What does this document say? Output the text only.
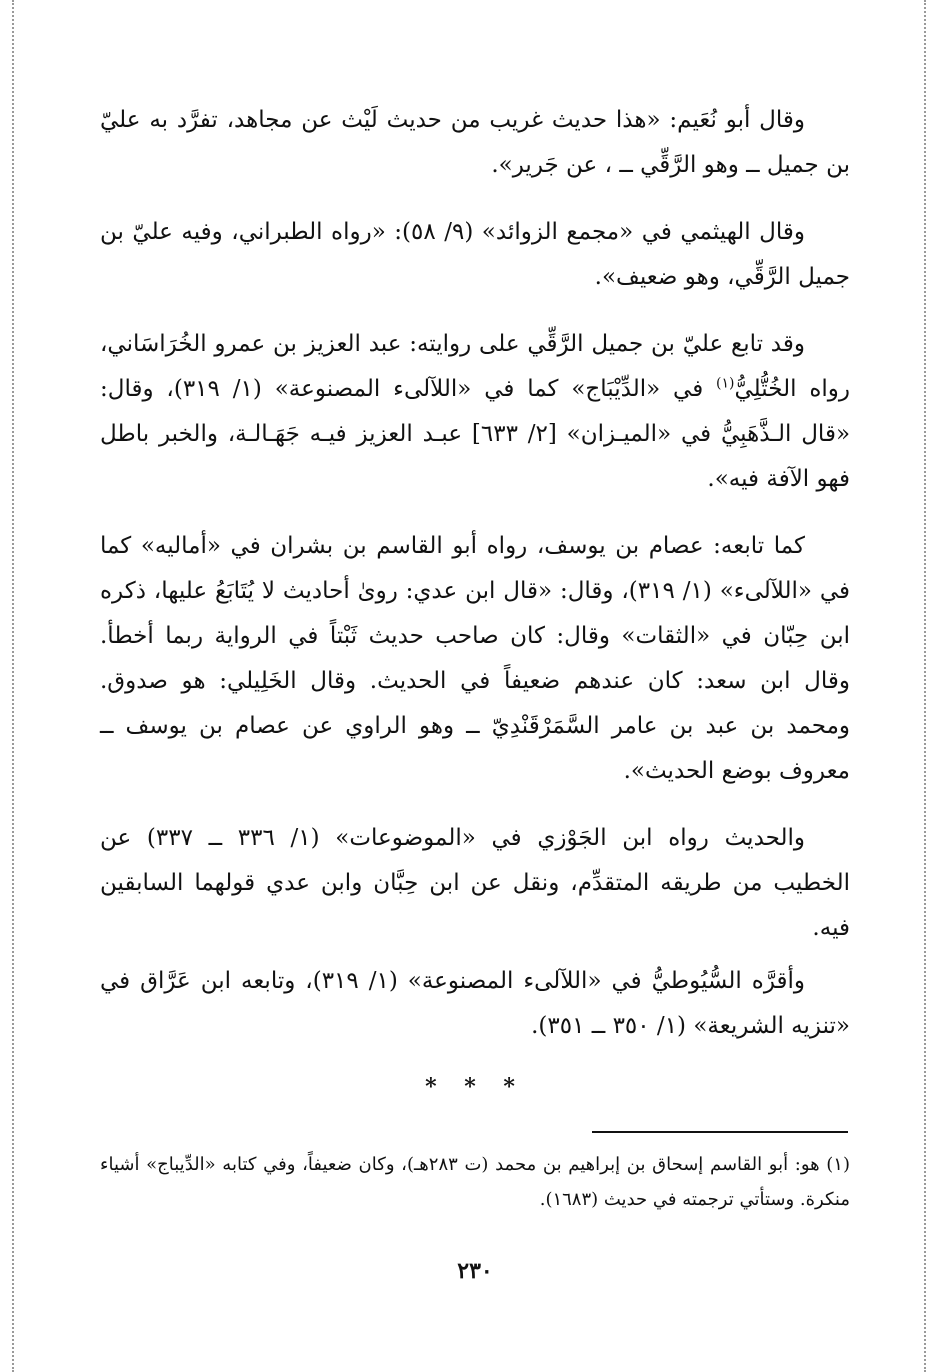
وقال أبو نُعَيم: «هذا حديث غريب من حديث لَيْث عن مجاهد، تفرَّد به عليّ بن جميل ــ وهو الرَّقِّي ــ ، عن جَرير».

وقال الهيثمي في «مجمع الزوائد» (٩/ ٥٨): «رواه الطبراني، وفيه عليّ بن جميل الرَّقِّي، وهو ضعيف».

وقد تابع عليّ بن جميل الرَّقِّي على روايته: عبد العزيز بن عمرو الخُرَاسَاني، رواه الخُتُّلِيُّ$^{(١)}$ في «الدِّيْبَاج» كما في «اللآلىء المصنوعة» (١/ ٣١٩)، وقال: «قال الـذَّهَبِيُّ في «الميـزان» [٢/ ٦٣٣] عبـد العزيز فيـه جَهَـالـة، والخبر باطل فهو الآفة فيه».

كما تابعه: عصام بن يوسف، رواه أبو القاسم بن بشران في «أماليه» كما في «اللآلىء» (١/ ٣١٩)، وقال: «قال ابن عدي: روىٰ أحاديث لا يُتَابَعُ عليها، ذكره ابن حِبّان في «الثقات» وقال: كان صاحب حديث ثَبْتاً في الرواية ربما أخطأ. وقال ابن سعد: كان عندهم ضعيفاً في الحديث. وقال الخَلِيلي: هو صدوق. ومحمد بن عبد بن عامر السَّمَرْقَنْدِيّ ــ وهو الراوي عن عصام بن يوسف ــ معروف بوضع الحديث».

والحديث رواه ابن الجَوْزي في «الموضوعات» (١/ ٣٣٦ ــ ٣٣٧) عن الخطيب من طريقه المتقدِّم، ونقل عن ابن حِبَّان وابن عدي قولهما السابقين فيه.

وأقرَّه السُّيُوطيُّ في «اللآلىء المصنوعة» (١/ ٣١٩)، وتابعه ابن عَرَّاق في «تنزيه الشريعة» (١/ ٣٥٠ ــ ٣٥١).

* * *

(١) هو: أبو القاسم إسحاق بن إبراهيم بن محمد (ت ٢٨٣هـ)، وكان ضعيفاً، وفي كتابه «الدِّيباج» أشياء منكرة. وستأتي ترجمته في حديث (١٦٨٣).

٢٣٠
